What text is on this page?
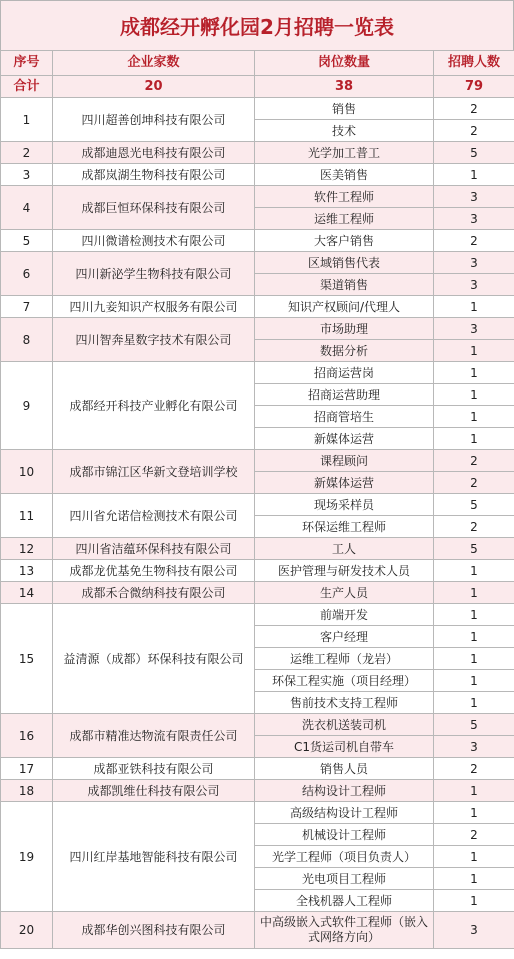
成都经开孵化园2月招聘一览表
序号	企业家数	岗位数量	招聘人数
合计	20	38	79
1	四川超善创坤科技有限公司	销售	2
		技术	2
2	成都迪恩光电科技有限公司	光学加工普工	5
3	成都岚湖生物科技有限公司	医美销售	1
4	成都巨恒环保科技有限公司	软件工程师	3
		运维工程师	3
5	四川微谱检测技术有限公司	大客户销售	2
6	四川新泌学生物科技有限公司	区域销售代表	3
		渠道销售	3
7	四川九妾知识产权服务有限公司	知识产权顾问/代理人	1
8	四川智奔星数字技术有限公司	市场助理	3
		数据分析	1
9	成都经开科技产业孵化有限公司	招商运营岗	1
		招商运营助理	1
		招商管培生	1
		新媒体运营	1
10	成都市锦江区华新文登培训学校	课程顾问	2
		新媒体运营	2
11	四川省允诺信检测技术有限公司	现场采样员	5
		环保运维工程师	2
12	四川省洁蕴环保科技有限公司	工人	5
13	成都龙优基免生物科技有限公司	医护管理与研发技术人员	1
14	成都禾合微纳科技有限公司	生产人员	1
15	益清源（成都）环保科技有限公司	前端开发	1
		客户经理	1
		运维工程师（龙岩）	1
		环保工程实施（项目经理）	1
		售前技术支持工程师	1
16	成都市精准达物流有限责任公司	洗衣机送装司机	5
		C1货运司机自带车	3
17	成都亚铁科技有限公司	销售人员	2
18	成都凯维仕科技有限公司	结构设计工程师	1
19	四川红岸基地智能科技有限公司	高级结构设计工程师	1
		机械设计工程师	2
		光学工程师（项目负责人）	1
		光电项目工程师	1
		全栈机器人工程师	1
20	成都华创兴图科技有限公司	中高级嵌入式软件工程师（嵌入式网络方向）	3
